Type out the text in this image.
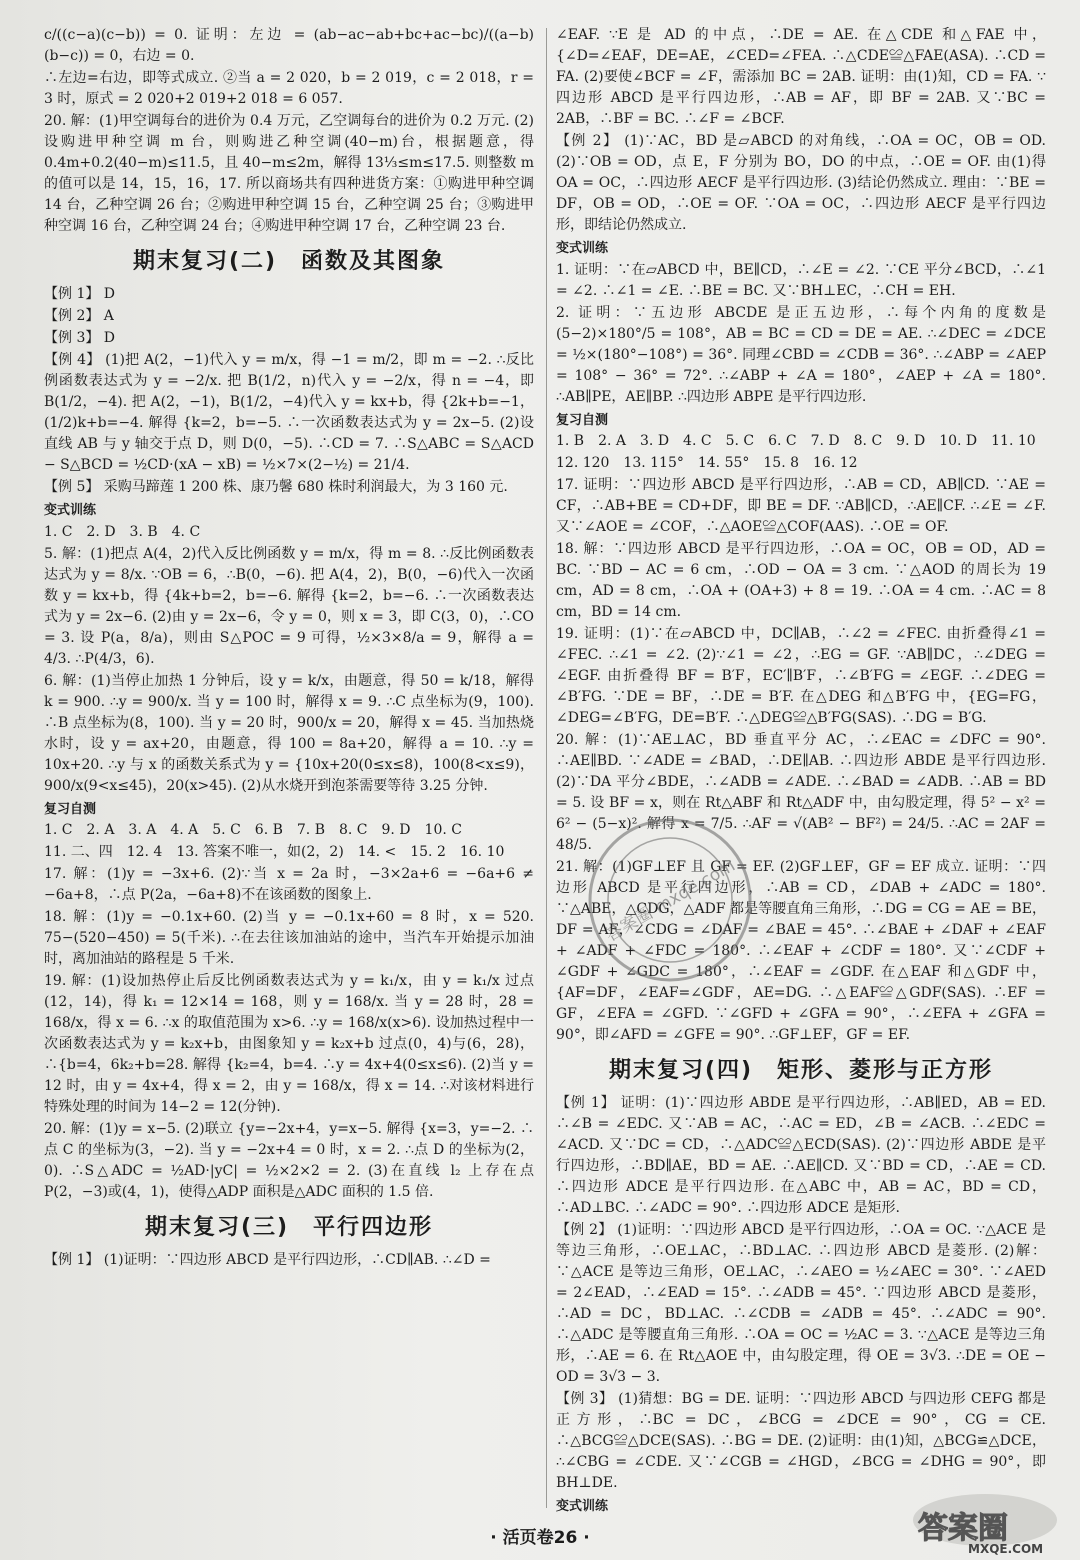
c/((c−a)(c−b)) = 0. 证明：左边 = (ab−ac−ab+bc+ac−bc)/((a−b)(b−c)) = 0，右边 = 0.
∴左边=右边，即等式成立. ②当 a = 2 020，b = 2 019，c = 2 018，r = 3 时，原式 = 2 020+2 019+2 018 = 6 057.
20. 解：(1)甲空调每台的进价为 0.4 万元，乙空调每台的进价为 0.2 万元. (2)设购进甲种空调 m 台，则购进乙种空调(40−m)台，根据题意，得 0.4m+0.2(40−m)≤11.5，且 40−m≤2m，解得 13⅓≤m≤17.5. 则整数 m 的值可以是 14，15，16，17. 所以商场共有四种进货方案：①购进甲种空调 14 台，乙种空调 26 台；②购进甲种空调 15 台，乙种空调 25 台；③购进甲种空调 16 台，乙种空调 24 台；④购进甲种空调 17 台，乙种空调 23 台.
期末复习(二)　函数及其图象
【例 1】 D
【例 2】 A
【例 3】 D
【例 4】 (1)把 A(2，−1)代入 y = m/x，得 −1 = m/2，即 m = −2. ∴反比例函数表达式为 y = −2/x. 把 B(1/2，n)代入 y = −2/x，得 n = −4，即 B(1/2，−4). 把 A(2，−1)，B(1/2，−4)代入 y = kx+b，得 {2k+b=−1，(1/2)k+b=−4. 解得 {k=2，b=−5. ∴一次函数表达式为 y = 2x−5. (2)设直线 AB 与 y 轴交于点 D，则 D(0，−5). ∴CD = 7. ∴S△ABC = S△ACD − S△BCD = ½CD·(xA − xB) = ½×7×(2−½) = 21/4.
【例 5】 采购马蹄莲 1 200 株、康乃馨 680 株时利润最大，为 3 160 元.
变式训练
1. C　2. D　3. B　4. C
5. 解：(1)把点 A(4，2)代入反比例函数 y = m/x，得 m = 8. ∴反比例函数表达式为 y = 8/x. ∵OB = 6，∴B(0，−6). 把 A(4，2)，B(0，−6)代入一次函数 y = kx+b，得 {4k+b=2，b=−6. 解得 {k=2，b=−6. ∴一次函数表达式为 y = 2x−6. (2)由 y = 2x−6，令 y = 0，则 x = 3，即 C(3，0)，∴CO = 3. 设 P(a，8/a)，则由 S△POC = 9 可得，½×3×8/a = 9，解得 a = 4/3. ∴P(4/3，6).
6. 解：(1)当停止加热 1 分钟后，设 y = k/x，由题意，得 50 = k/18，解得 k = 900. ∴y = 900/x. 当 y = 100 时，解得 x = 9. ∴C 点坐标为(9，100). ∴B 点坐标为(8，100). 当 y = 20 时，900/x = 20，解得 x = 45. 当加热烧水时，设 y = ax+20，由题意，得 100 = 8a+20，解得 a = 10. ∴y = 10x+20. ∴y 与 x 的函数关系式为 y = {10x+20(0≤x≤8)，100(8<x≤9)，900/x(9<x≤45)，20(x>45). (2)从水烧开到泡茶需要等待 3.25 分钟.
复习自测
1. C　2. A　3. A　4. A　5. C　6. B　7. B　8. C　9. D　10. C
11. 二、四　12. 4　13. 答案不唯一，如(2，2)　14. <　15. 2　16. 10
17. 解：(1)y = −3x+6. (2)∵当 x = 2a 时，−3×2a+6 = −6a+6 ≠ −6a+8，∴点 P(2a，−6a+8)不在该函数的图象上.
18. 解：(1)y = −0.1x+60. (2)当 y = −0.1x+60 = 8 时，x = 520. 75−(520−450) = 5(千米). ∴在去往该加油站的途中，当汽车开始提示加油时，离加油站的路程是 5 千米.
19. 解：(1)设加热停止后反比例函数表达式为 y = k₁/x，由 y = k₁/x 过点(12，14)，得 k₁ = 12×14 = 168，则 y = 168/x. 当 y = 28 时，28 = 168/x，得 x = 6. ∴x 的取值范围为 x>6. ∴y = 168/x(x>6). 设加热过程中一次函数表达式为 y = k₂x+b，由图象知 y = k₂x+b 过点(0，4)与(6，28)，∴{b=4，6k₂+b=28. 解得 {k₂=4，b=4. ∴y = 4x+4(0≤x≤6). (2)当 y = 12 时，由 y = 4x+4，得 x = 2，由 y = 168/x，得 x = 14. ∴对该材料进行特殊处理的时间为 14−2 = 12(分钟).
20. 解：(1)y = x−5. (2)联立 {y=−2x+4，y=x−5. 解得 {x=3，y=−2. ∴点 C 的坐标为(3，−2). 当 y = −2x+4 = 0 时，x = 2. ∴点 D 的坐标为(2，0). ∴S△ADC = ½AD·|yC| = ½×2×2 = 2. (3)在直线 l₂ 上存在点 P(2，−3)或(4，1)，使得△ADP 面积是△ADC 面积的 1.5 倍.
期末复习(三)　平行四边形
【例 1】 (1)证明：∵四边形 ABCD 是平行四边形，∴CD∥AB. ∴∠D =
∠EAF. ∵E 是 AD 的中点，∴DE = AE. 在△CDE 和△FAE 中，{∠D=∠EAF，DE=AE，∠CED=∠FEA. ∴△CDE≌△FAE(ASA). ∴CD = FA. (2)要使∠BCF = ∠F，需添加 BC = 2AB. 证明：由(1)知，CD = FA. ∵四边形 ABCD 是平行四边形，∴AB = AF，即 BF = 2AB. 又∵BC = 2AB，∴BF = BC. ∴∠F = ∠BCF.
【例 2】 (1)∵AC，BD 是▱ABCD 的对角线，∴OA = OC，OB = OD. (2)∵OB = OD，点 E，F 分别为 BO，DO 的中点，∴OE = OF. 由(1)得 OA = OC，∴四边形 AECF 是平行四边形. (3)结论仍然成立. 理由：∵BE = DF，OB = OD，∴OE = OF. ∵OA = OC，∴四边形 AECF 是平行四边形，即结论仍然成立.
变式训练
1. 证明：∵在▱ABCD 中，BE∥CD，∴∠E = ∠2. ∵CE 平分∠BCD，∴∠1 = ∠2. ∴∠1 = ∠E. ∴BE = BC. 又∵BH⊥EC，∴CH = EH.
2. 证明：∵五边形 ABCDE 是正五边形，∴每个内角的度数是 (5−2)×180°/5 = 108°，AB = BC = CD = DE = AE. ∴∠DEC = ∠DCE = ½×(180°−108°) = 36°. 同理∠CBD = ∠CDB = 36°. ∴∠ABP = ∠AEP = 108° − 36° = 72°. ∴∠ABP + ∠A = 180°，∠AEP + ∠A = 180°. ∴AB∥PE，AE∥BP. ∴四边形 ABPE 是平行四边形.
复习自测
1. B　2. A　3. D　4. C　5. C　6. C　7. D　8. C　9. D　10. D　11. 10
12. 120　13. 115°　14. 55°　15. 8　16. 12
17. 证明：∵四边形 ABCD 是平行四边形，∴AB = CD，AB∥CD. ∵AE = CF，∴AB+BE = CD+DF，即 BE = DF. ∵AB∥CD，∴AE∥CF. ∴∠E = ∠F. 又∵∠AOE = ∠COF，∴△AOE≌△COF(AAS). ∴OE = OF.
18. 解：∵四边形 ABCD 是平行四边形，∴OA = OC，OB = OD，AD = BC. ∵BD − AC = 6 cm，∴OD − OA = 3 cm. ∵△AOD 的周长为 19 cm，AD = 8 cm，∴OA + (OA+3) + 8 = 19. ∴OA = 4 cm. ∴AC = 8 cm，BD = 14 cm.
19. 证明：(1)∵在▱ABCD 中，DC∥AB，∴∠2 = ∠FEC. 由折叠得∠1 = ∠FEC. ∴∠1 = ∠2. (2)∵∠1 = ∠2，∴EG = GF. ∵AB∥DC，∴∠DEG = ∠EGF. 由折叠得 BF = B′F，EC′∥B′F，∴∠B′FG = ∠EGF. ∴∠DEG = ∠B′FG. ∵DE = BF，∴DE = B′F. 在△DEG 和△B′FG 中，{EG=FG，∠DEG=∠B′FG，DE=B′F. ∴△DEG≌△B′FG(SAS). ∴DG = B′G.
20. 解：(1)∵AE⊥AC，BD 垂直平分 AC，∴∠EAC = ∠DFC = 90°. ∴AE∥BD. ∵∠ADE = ∠BAD，∴DE∥AB. ∴四边形 ABDE 是平行四边形. (2)∵DA 平分∠BDE，∴∠ADB = ∠ADE. ∴∠BAD = ∠ADB. ∴AB = BD = 5. 设 BF = x，则在 Rt△ABF 和 Rt△ADF 中，由勾股定理，得 5² − x² = 6² − (5−x)². 解得 x = 7/5. ∴AF = √(AB² − BF²) = 24/5. ∴AC = 2AF = 48/5.
21. 解：(1)GF⊥EF 且 GF = EF. (2)GF⊥EF，GF = EF 成立. 证明：∵四边形 ABCD 是平行四边形，∴AB = CD，∠DAB + ∠ADC = 180°. ∵△ABE，△CDG，△ADF 都是等腰直角三角形，∴DG = CG = AE = BE，DF = AF，∠CDG = ∠DAF = ∠BAE = 45°. ∴∠BAE + ∠DAF + ∠EAF + ∠ADF + ∠FDC = 180°. ∴∠EAF + ∠CDF = 180°. 又∵∠CDF + ∠GDF + ∠GDC = 180°，∴∠EAF = ∠GDF. 在△EAF 和△GDF 中，{AF=DF，∠EAF=∠GDF，AE=DG. ∴△EAF≌△GDF(SAS). ∴EF = GF，∠EFA = ∠GFD. ∵∠GFD + ∠GFA = 90°，∴∠EFA + ∠GFA = 90°，即∠AFD = ∠GFE = 90°. ∴GF⊥EF，GF = EF.
期末复习(四)　矩形、菱形与正方形
【例 1】 证明：(1)∵四边形 ABDE 是平行四边形，∴AB∥ED，AB = ED. ∴∠B = ∠EDC. 又∵AB = AC，∴AC = ED，∠B = ∠ACB. ∴∠EDC = ∠ACD. 又∵DC = CD，∴△ADC≌△ECD(SAS). (2)∵四边形 ABDE 是平行四边形，∴BD∥AE，BD = AE. ∴AE∥CD. 又∵BD = CD，∴AE = CD. ∴四边形 ADCE 是平行四边形. 在△ABC 中，AB = AC，BD = CD，∴AD⊥BC. ∴∠ADC = 90°. ∴四边形 ADCE 是矩形.
【例 2】 (1)证明：∵四边形 ABCD 是平行四边形，∴OA = OC. ∵△ACE 是等边三角形，∴OE⊥AC，∴BD⊥AC. ∴四边形 ABCD 是菱形. (2)解：∵△ACE 是等边三角形，OE⊥AC，∴∠AEO = ½∠AEC = 30°. ∵∠AED = 2∠EAD，∴∠EAD = 15°. ∴∠ADB = 45°. ∵四边形 ABCD 是菱形，∴AD = DC，BD⊥AC. ∴∠CDB = ∠ADB = 45°. ∴∠ADC = 90°. ∴△ADC 是等腰直角三角形. ∴OA = OC = ½AC = 3. ∵△ACE 是等边三角形，∴AE = 6. 在 Rt△AOE 中，由勾股定理，得 OE = 3√3. ∴DE = OE − OD = 3√3 − 3.
【例 3】 (1)猜想：BG = DE. 证明：∵四边形 ABCD 与四边形 CEFG 都是正方形，∴BC = DC，∠BCG = ∠DCE = 90°，CG = CE. ∴△BCG≌△DCE(SAS). ∴BG = DE. (2)证明：由(1)知，△BCG≌△DCE，∴∠CBG = ∠CDE. 又∵∠CGB = ∠HGD，∠BCG = ∠DHG = 90°，即 BH⊥DE.
变式训练
答案圈 mxqe.com
· 活页卷26 ·	答案圈
MXQE.COM
